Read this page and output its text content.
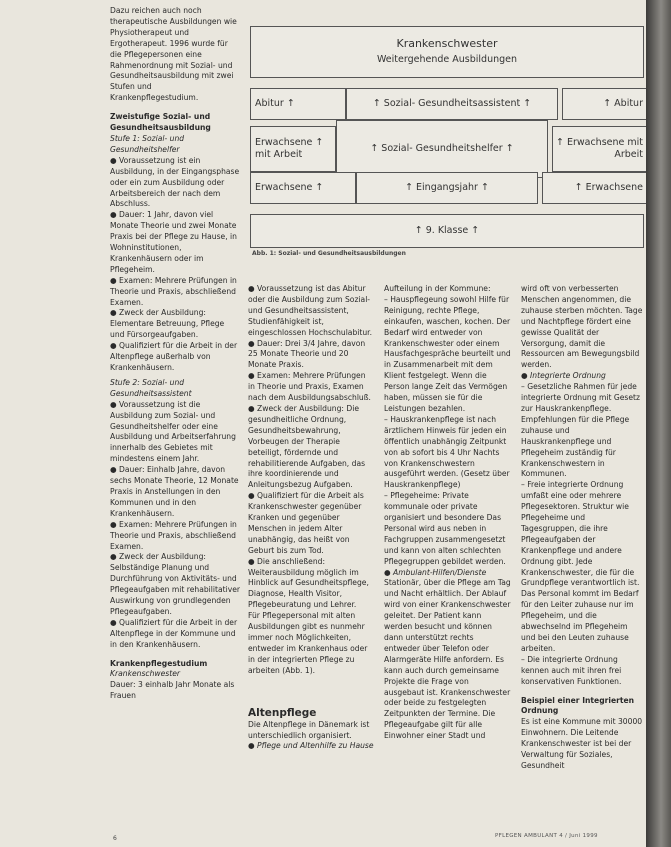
Dazu reichen auch noch therapeutische Ausbildungen wie Physiotherapeut und Ergotherapeut. 1996 wurde für die Pflegepersonen eine Rahmenordnung mit Sozial- und Gesundheitsausbildung mit zwei Stufen und Krankenpflegestudium.

Zweistufige Sozial- und Gesundheitsausbildung

Stufe 1: Sozial- und Gesundheitshelfer

● Voraussetzung ist ein Ausbildung, in der Eingangsphase oder ein zum Ausbildung oder Arbeitsbereich der nach dem Abschluss.

● Dauer: 1 Jahr, davon viel Monate Theorie und zwei Monate Praxis bei der Pflege zu Hause, in Wohninstitutionen, Krankenhäusern oder im Pflegeheim.

● Examen: Mehrere Prüfungen in Theorie und Praxis, abschließend Examen.

● Zweck der Ausbildung: Elementare Betreuung, Pflege und Fürsorgeaufgaben.

● Qualifiziert für die Arbeit in der Altenpflege außerhalb von Krankenhäusern.

Stufe 2: Sozial- und Gesundheitsassistent

● Voraussetzung ist die Ausbildung zum Sozial- und Gesundheitshelfer oder eine Ausbildung und Arbeitserfahrung innerhalb des Gebietes mit mindestens einem Jahr.

● Dauer: Einhalb Jahre, davon sechs Monate Theorie, 12 Monate Praxis in Anstellungen in den Kommunen und in den Krankenhäusern.

● Examen: Mehrere Prüfungen in Theorie und Praxis, abschließend Examen.

● Zweck der Ausbildung: Selbständige Planung und Durchführung von Aktivitäts- und Pflegeaufgaben mit rehabilitativer Auswirkung von grundlegenden Pflegeaufgaben.

● Qualifiziert für die Arbeit in der Altenpflege in der Kommune und in den Krankenhäusern.

Krankenpflegestudium

Krankenschwester

Dauer: 3 einhalb Jahr Monate als Frauen

Krankenschwester
Weitergehende Ausbildungen
Abitur ↑	↑ Sozial- Gesundheitsassistent ↑	↑ Abitur
Erwachsene ↑ mit Arbeit
↑ Sozial- Gesundheitshelfer ↑
↑ Erwachsene mit Arbeit
Erwachsene ↑	↑ Eingangsjahr ↑	↑ Erwachsene
↑ 9. Klasse ↑
Abb. 1: Sozial- und Gesundheitsausbildungen

● Voraussetzung ist das Abitur oder die Ausbildung zum Sozial- und Gesundheitsassistent, Studienfähigkeit ist, eingeschlossen Hochschulabitur.

● Dauer: Drei 3/4 Jahre, davon 25 Monate Theorie und 20 Monate Praxis.

● Examen: Mehrere Prüfungen in Theorie und Praxis, Examen nach dem Ausbildungsabschluß.

● Zweck der Ausbildung: Die gesundheitliche Ordnung, Gesundheitsbewahrung, Vorbeugen der Therapie beteiligt, fördernde und rehabilitierende Aufgaben, das ihre koordinierende und Anleitungsbezug Aufgaben.

● Qualifiziert für die Arbeit als Krankenschwester gegenüber Kranken und gegenüber Menschen in jedem Alter unabhängig, das heißt von Geburt bis zum Tod.

● Die anschließend: Weiterausbildung möglich im Hinblick auf Gesundheitspflege, Diagnose, Health Visitor, Pflegebeuratung und Lehrer.

Für Pflegepersonal mit alten Ausbildungen gibt es nunmehr immer noch Möglichkeiten, entweder im Krankenhaus oder in der integrierten Pflege zu arbeiten (Abb. 1).

Altenpflege

Die Altenpflege in Dänemark ist unterschiedlich organisiert.

● Pflege und Altenhilfe zu Hause

Aufteilung in der Kommune:

– Hauspflegeung sowohl Hilfe für Reinigung, rechte Pflege, einkaufen, waschen, kochen. Der Bedarf wird entweder von Krankenschwester oder einem Hausfachgespräche beurteilt und in Zusammenarbeit mit dem Klient festgelegt. Wenn die Person lange Zeit das Vermögen haben, müssen sie für die Leistungen bezahlen.

– Hauskrankenpflege ist nach ärztlichem Hinweis für jeden ein öffentlich unabhängig Zeitpunkt von ab sofort bis 4 Uhr Nachts von Krankenschwestern ausgeführt werden. (Gesetz über Hauskrankenpflege)

– Pflegeheime: Private kommunale oder private organisiert und besondere Das Personal wird aus neben in Fachgruppen zusammengesetzt und kann von alten schlechten Pflegegruppen gebildet werden.

● Ambulant-Hilfen/Dienste

Stationär, über die Pflege am Tag und Nacht erhältlich. Der Ablauf wird von einer Krankenschwester geleitet. Der Patient kann werden besucht und können dann unterstützt rechts entweder über Telefon oder Alarmgeräte Hilfe anfordern. Es kann auch durch gemeinsame Projekte die Frage von ausgebaut ist. Krankenschwester oder beide zu festgelegten Zeitpunkten der Termine. Die Pflegeaufgabe gilt für alle Einwohner einer Stadt und

wird oft von verbesserten Menschen angenommen, die zuhause sterben möchten. Tage und Nachtpflege fördert eine gewisse Qualität der Versorgung, damit die Ressourcen am Bewegungsbild werden.

● Integrierte Ordnung

– Gesetzliche Rahmen für jede integrierte Ordnung mit Gesetz zur Hauskrankenpflege. Empfehlungen für die Pflege zuhause und Hauskrankenpflege und Pflegeheim zuständig für Krankenschwestern in Kommunen.

– Freie integrierte Ordnung umfaßt eine oder mehrere Pflegesektoren. Struktur wie Pflegeheime und Tagesgruppen, die ihre Pflegeaufgaben der Krankenpflege und andere Ordnung gibt. Jede Krankenschwester, die für die Grundpflege verantwortlich ist. Das Personal kommt im Bedarf für den Leiter zuhause nur im Pflegeheim, und die abwechselnd im Pflegeheim und bei den Leuten zuhause arbeiten.

– Die integrierte Ordnung kennen auch mit ihren frei konservativen Funktionen.

Beispiel einer Integrierten Ordnung

Es ist eine Kommune mit 30000 Einwohnern. Die Leitende Krankenschwester ist bei der Verwaltung für Soziales, Gesundheit

PFLEGEN AMBULANT 4 / Juni 1999
6
